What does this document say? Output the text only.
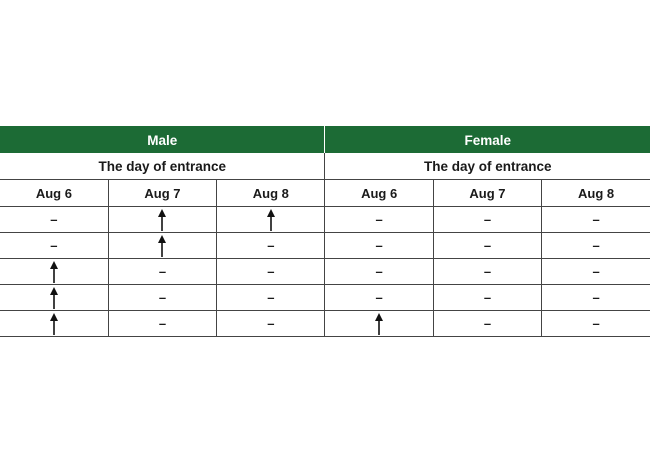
Male			Female		
The day of entrance			The day of entrance		
Aug 6	Aug 7	Aug 8	Aug 6	Aug 7	Aug 8
–			–	–	–
–		–	–	–	–

	–	–	–	–	–

	–	–	–	–	–

	–	–		–	–
